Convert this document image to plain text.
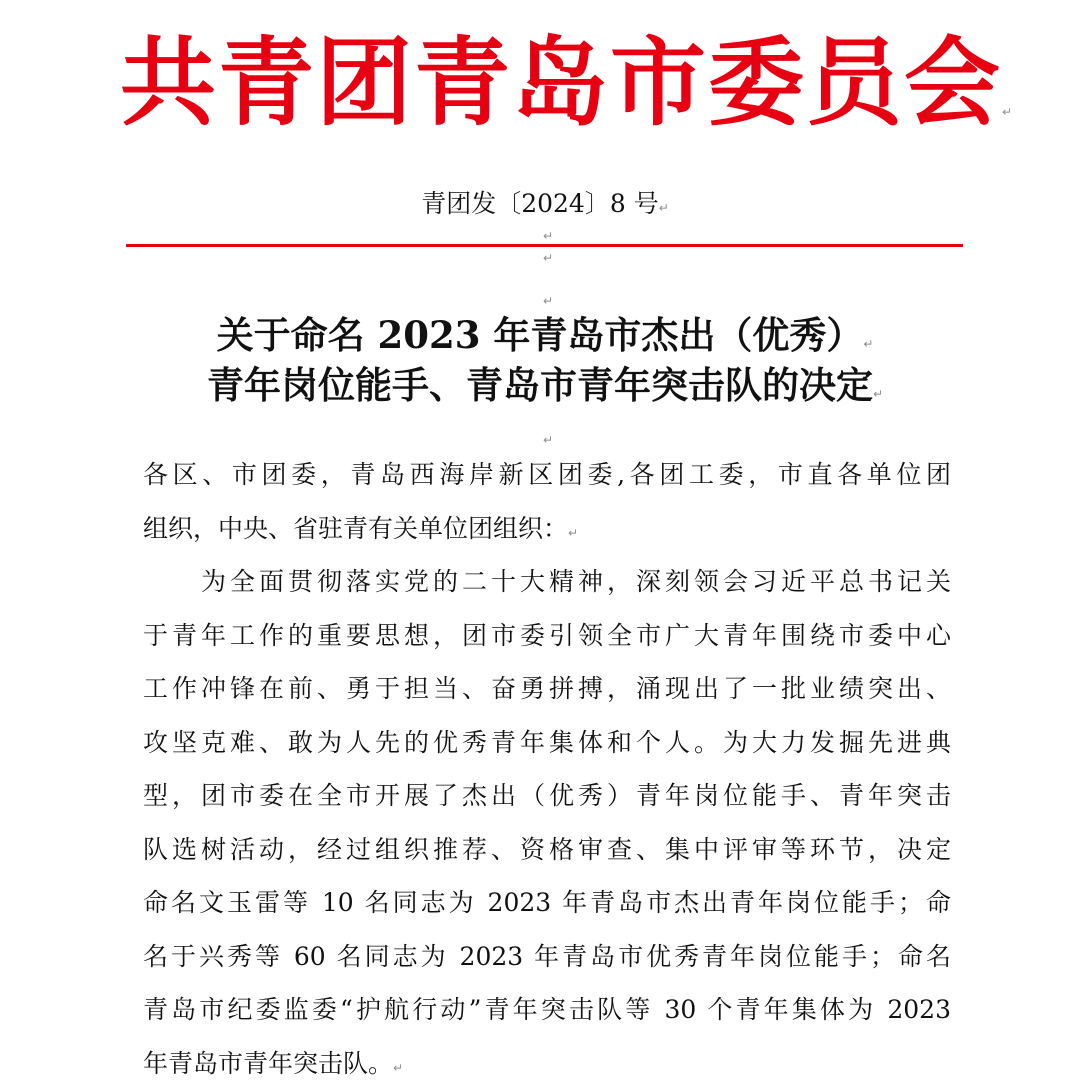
共青团青岛市委员会↵
青团发〔2024〕8 号↵
↵
↵
↵
关于命名 2023 年青岛市杰出（优秀）↵
青年岗位能手、青岛市青年突击队的决定↵
↵
各区、市团委，青岛西海岸新区团委,各团工委，市直各单位团
组织，中央、省驻青有关单位团组织：↵
为全面贯彻落实党的二十大精神，深刻领会习近平总书记关
于青年工作的重要思想，团市委引领全市广大青年围绕市委中心
工作冲锋在前、勇于担当、奋勇拼搏，涌现出了一批业绩突出、
攻坚克难、敢为人先的优秀青年集体和个人。为大力发掘先进典
型，团市委在全市开展了杰出（优秀）青年岗位能手、青年突击
队选树活动，经过组织推荐、资格审查、集中评审等环节，决定
命名文玉雷等 10 名同志为 2023 年青岛市杰出青年岗位能手；命
名于兴秀等 60 名同志为 2023 年青岛市优秀青年岗位能手；命名
青岛市纪委监委“护航行动”青年突击队等 30 个青年集体为 2023
年青岛市青年突击队。↵
